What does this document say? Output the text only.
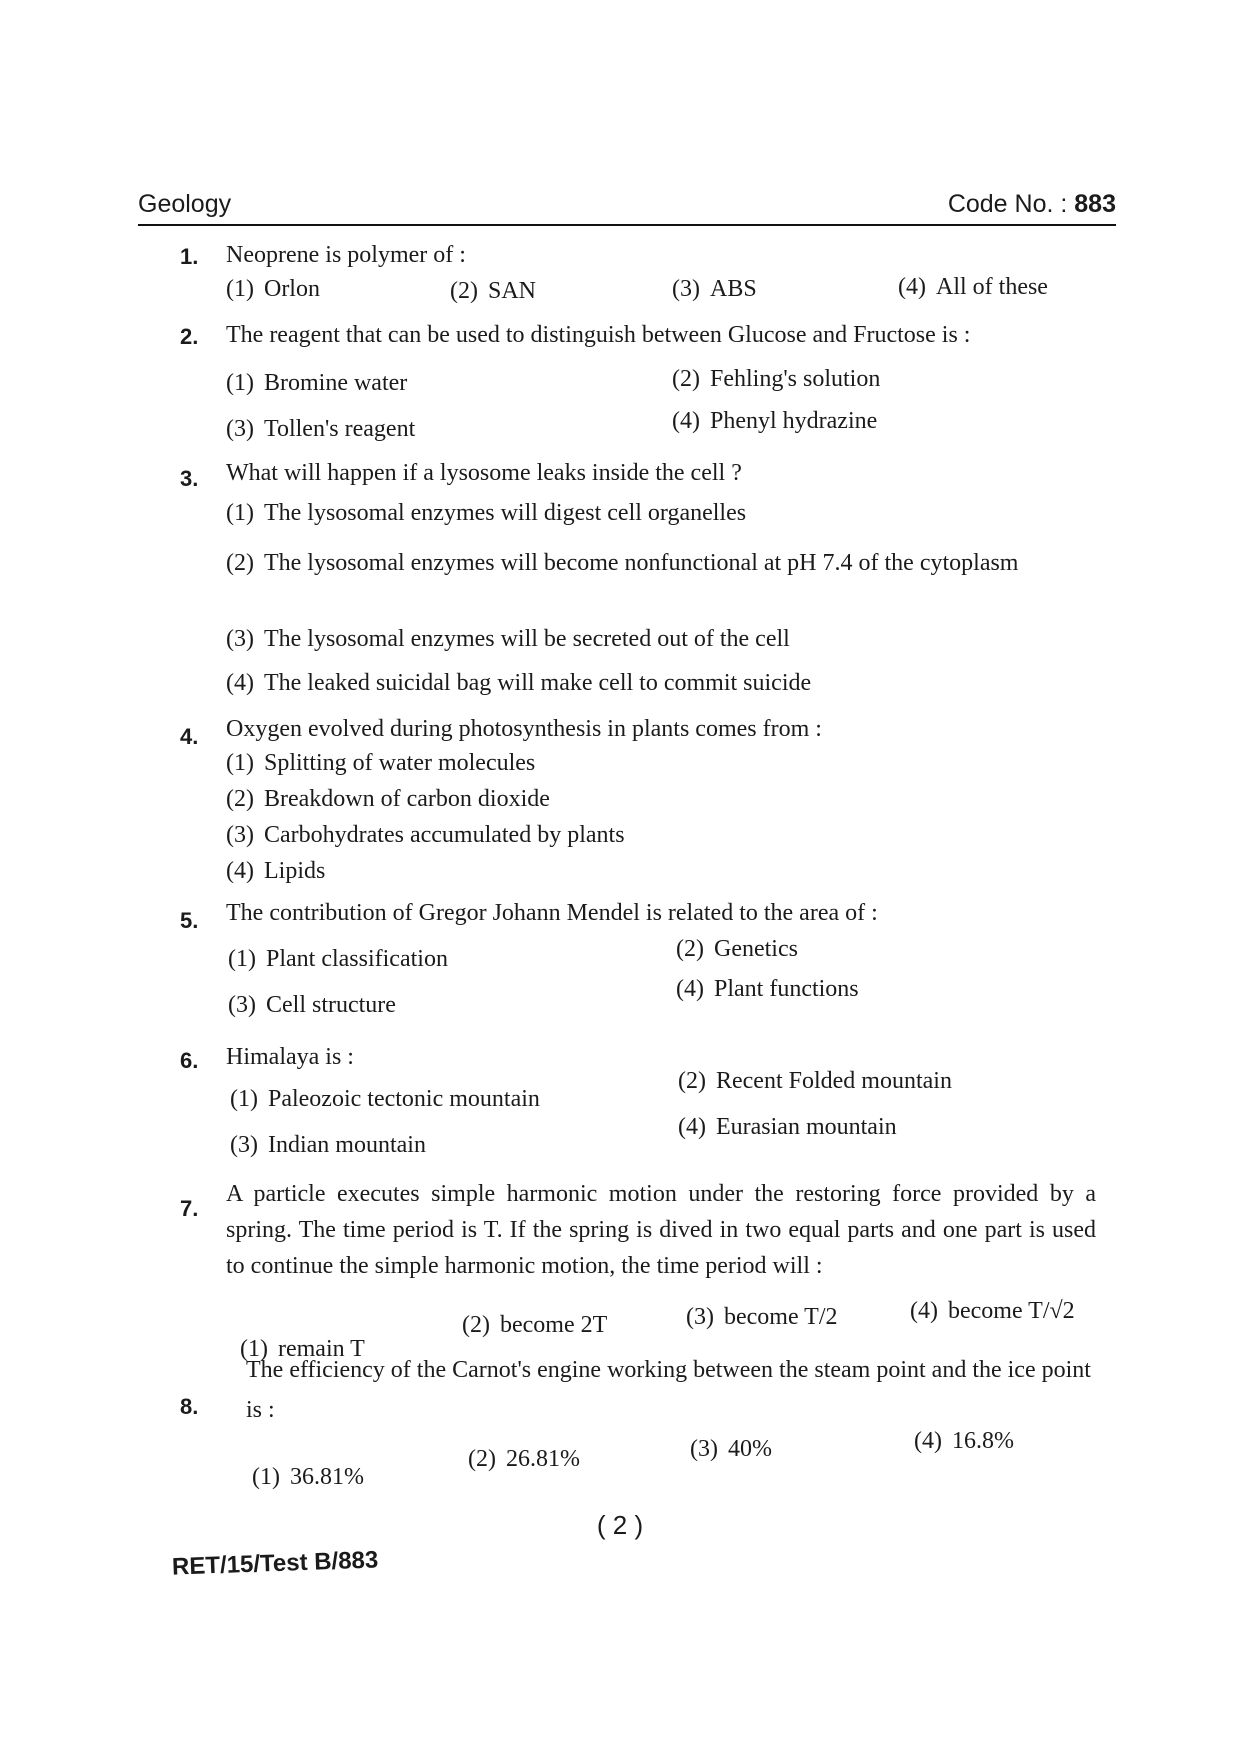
Geology	Code No. : 883
1. Neoprene is polymer of :
(1) Orlon	(2) SAN	(3) ABS	(4) All of these
2. The reagent that can be used to distinguish between Glucose and Fructose is :
(1) Bromine water	(2) Fehling's solution
(3) Tollen's reagent	(4) Phenyl hydrazine
3. What will happen if a lysosome leaks inside the cell ?
(1) The lysosomal enzymes will digest cell organelles
(2) The lysosomal enzymes will become nonfunctional at pH 7.4 of the cytoplasm
(3) The lysosomal enzymes will be secreted out of the cell
(4) The leaked suicidal bag will make cell to commit suicide
4. Oxygen evolved during photosynthesis in plants comes from :
(1) Splitting of water molecules
(2) Breakdown of carbon dioxide
(3) Carbohydrates accumulated by plants
(4) Lipids
5. The contribution of Gregor Johann Mendel is related to the area of :
(1) Plant classification	(2) Genetics
(3) Cell structure
(4) Plant functions
6. Himalaya is :
(1) Paleozoic tectonic mountain
(2) Recent Folded mountain
(3) Indian mountain
(4) Eurasian mountain
7.
A particle executes simple harmonic motion under the restoring force provided by a spring. The time period is T. If the spring is dived in two equal parts and one part is used to continue the simple harmonic motion, the time period will :
(1) remain T
(2) become 2T	(3) become T/2	(4) become T/√2
8.
The efficiency of the Carnot's engine working between the steam point and the ice point is :
(1) 36.81%
(2) 26.81%	(3) 40%	(4) 16.8%
( 2 )
RET/15/Test B/883
